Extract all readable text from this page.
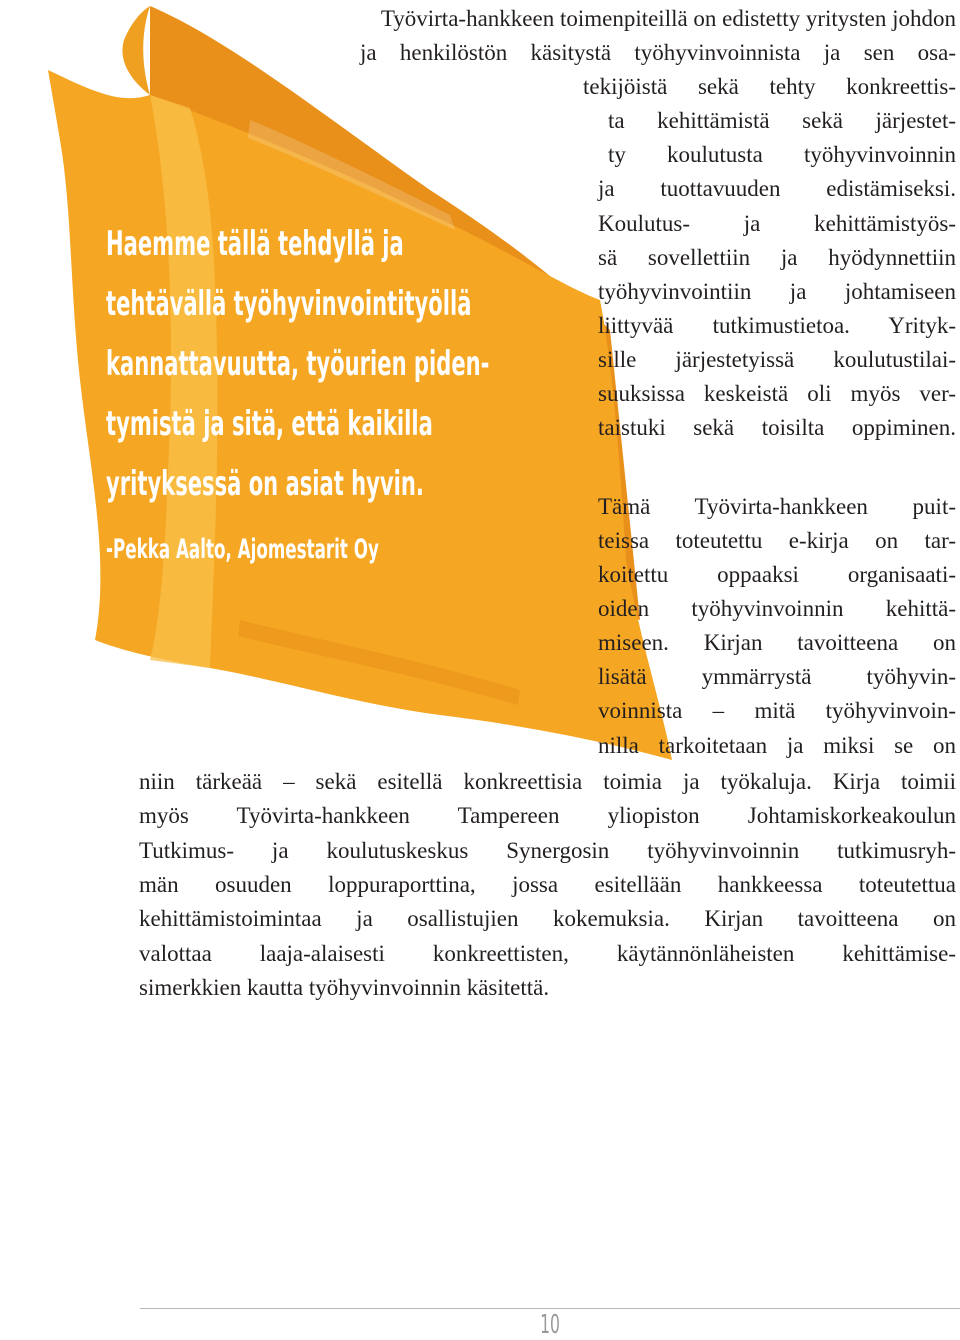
Haemme tällä tehdyllä ja
tehtävällä työhyvinvointityöllä
kannattavuutta, työurien piden-
tymistä ja sitä, että kaikilla
yrityksessä on asiat hyvin.
-Pekka Aalto, Ajomestarit Oy
Työvirta-hankkeen toimenpiteillä on edistetty yritysten johdon
ja henkilöstön käsitystä työhyvinvoinnista ja sen osa-
tekijöistä sekä tehty konkreettis-
ta kehittämistä sekä järjestet-
ty koulutusta työhyvinvoinnin
ja tuottavuuden edistämiseksi.
Koulutus- ja kehittämistyös-
sä sovellettiin ja hyödynnettiin
työhyvinvointiin ja johtamiseen
liittyvää tutkimustietoa. Yrityk-
sille järjestetyissä koulutustilai-
suuksissa keskeistä oli myös ver-
taistuki sekä toisilta oppiminen.
Tämä Työvirta-hankkeen puit-
teissa toteutettu e-kirja on tar-
koitettu oppaaksi organisaati-
oiden työhyvinvoinnin kehittä-
miseen. Kirjan tavoitteena on
lisätä ymmärrystä työhyvin-
voinnista – mitä työhyvinvoin-
nilla tarkoitetaan ja miksi se on
niin tärkeää – sekä esitellä konkreettisia toimia ja työkaluja. Kirja toimii
myös Työvirta-hankkeen Tampereen yliopiston Johtamiskorkeakoulun
Tutkimus- ja koulutuskeskus Synergosin työhyvinvoinnin tutkimusryh-
män osuuden loppuraporttina, jossa esitellään hankkeessa toteutettua
kehittämistoimintaa ja osallistujien kokemuksia. Kirjan tavoitteena on
valottaa laaja-alaisesti konkreettisten, käytännönläheisten kehittämise-
simerkkien kautta työhyvinvoinnin käsitettä.
10
